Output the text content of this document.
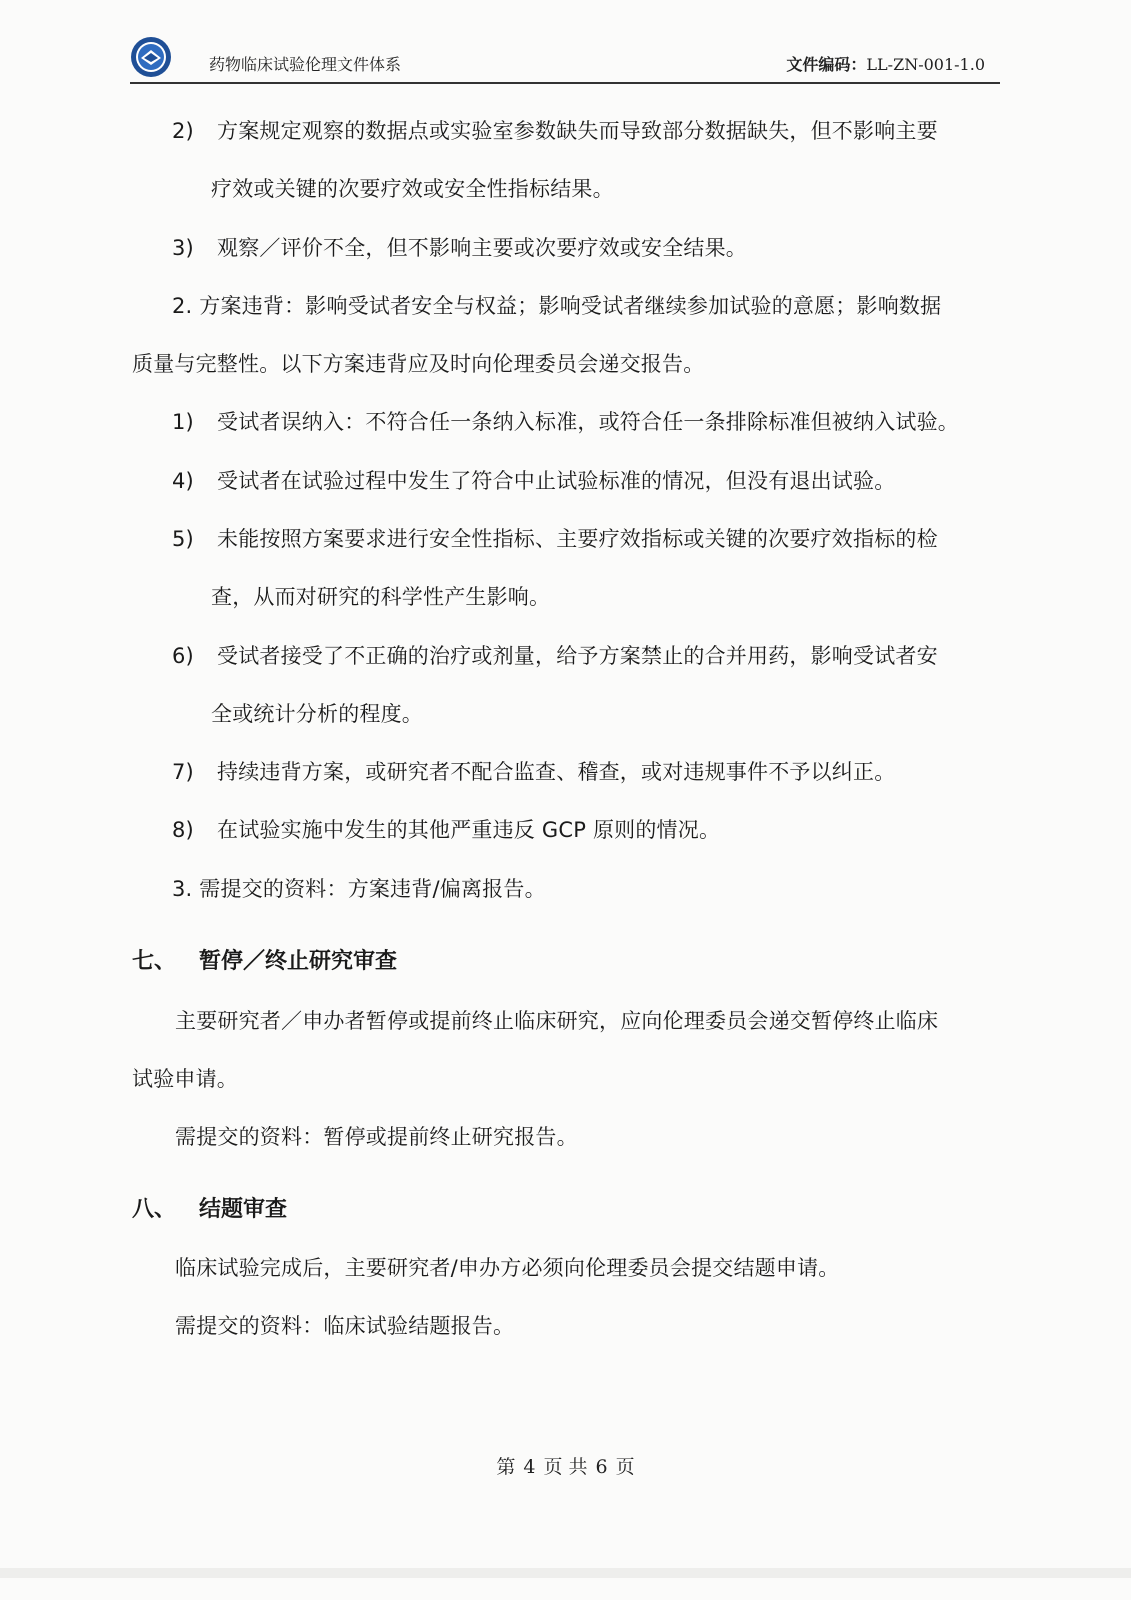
药物临床试验伦理文件体系	文件编码：LL-ZN-001-1.0
2) 方案规定观察的数据点或实验室参数缺失而导致部分数据缺失，但不影响主要
疗效或关键的次要疗效或安全性指标结果。
3) 观察／评价不全，但不影响主要或次要疗效或安全结果。
2. 方案违背：影响受试者安全与权益；影响受试者继续参加试验的意愿；影响数据
质量与完整性。以下方案违背应及时向伦理委员会递交报告。
1) 受试者误纳入：不符合任一条纳入标准，或符合任一条排除标准但被纳入试验。
4) 受试者在试验过程中发生了符合中止试验标准的情况，但没有退出试验。
5) 未能按照方案要求进行安全性指标、主要疗效指标或关键的次要疗效指标的检
查，从而对研究的科学性产生影响。
6) 受试者接受了不正确的治疗或剂量，给予方案禁止的合并用药，影响受试者安
全或统计分析的程度。
7) 持续违背方案，或研究者不配合监查、稽查，或对违规事件不予以纠正。
8) 在试验实施中发生的其他严重违反 GCP 原则的情况。
3. 需提交的资料：方案违背/偏离报告。
七、 暂停／终止研究审查
主要研究者／申办者暂停或提前终止临床研究，应向伦理委员会递交暂停终止临床
试验申请。
需提交的资料：暂停或提前终止研究报告。
八、 结题审查
临床试验完成后，主要研究者/申办方必须向伦理委员会提交结题申请。
需提交的资料：临床试验结题报告。
第 4 页 共 6 页
